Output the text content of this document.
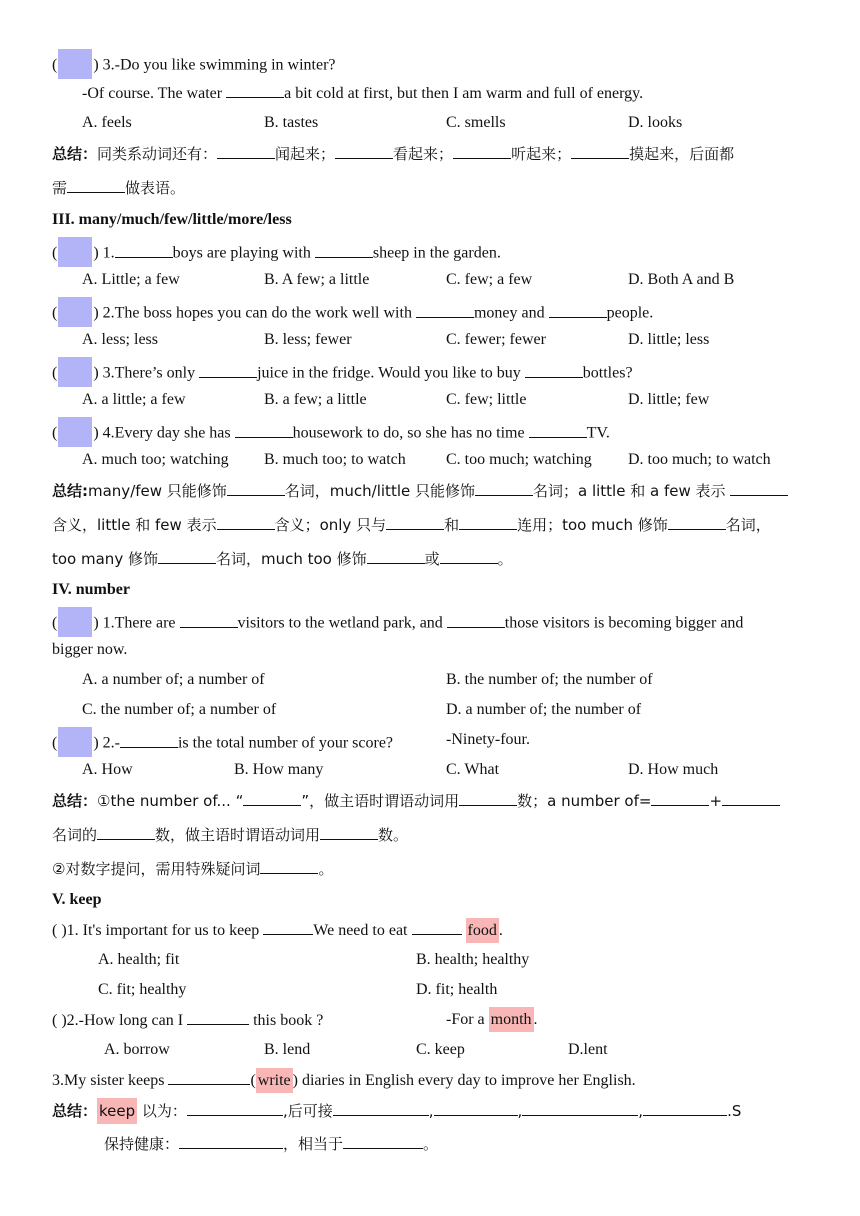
( ) 3.-Do you like swimming in winter?
-Of course. The water	a bit cold at first, but then I am warm and full of energy.
A. feels	B. tastes	C. smells	D. looks
总结：同类系动词还有：	闻起来；	看起来；	听起来；	摸起来，后面都
需	做表语。
III. many/much/few/little/more/less
( ) 1.	boys are playing with	sheep in the garden.
A. Little; a few	B. A few; a little	C. few; a few	D. Both A and B
( ) 2.The boss hopes you can do the work well with	money and	people.
A. less; less	B. less; fewer	C. fewer; fewer	D. little; less
( ) 3.There’s only	juice in the fridge. Would you like to buy	bottles?
A. a little; a few	B. a few; a little	C. few; little	D. little; few
( ) 4.Every day she has	housework to do, so she has no time	TV.
A. much too; watching B. much too; to watch	C. too much; watching D. too much; to watch
总结:many/few 只能修饰	名词，much/little 只能修饰	名词；a little 和 a few 表示
含义，little 和 few 表示	含义；only 只与	和	连用；too much 修饰	名词，
too many 修饰	名词，much too 修饰	或	。
IV. number
( ) 1.There are	visitors to the wetland park, and	those visitors is becoming bigger and
bigger now.
A. a number of; a number of	B. the number of; the number of
C. the number of; a number of	D. a number of; the number of
( ) 2.-	is the total number of your score?	-Ninety-four.
A. How	B. How many	C. What	D. How much
总结：①the number of... “	”，做主语时谓语动词用	数；a number of=	+
名词的	数，做主语时谓语动词用	数。
②对数字提问，需用特殊疑问词	。
V. keep
( )1. It's important for us to keep	We need to eat	food .
A. health; fit	B. health; healthy
C. fit; healthy	D. fit; health
( )2.-How long can I	this book ?	-For a month .
A. borrow	B. lend	C. keep	D.lent
3.My sister keeps	( write ) diaries in English every day to improve her English.
总结： keep 以为：	,后可接	,	,	,	.S
保持健康：	，相当于	。
